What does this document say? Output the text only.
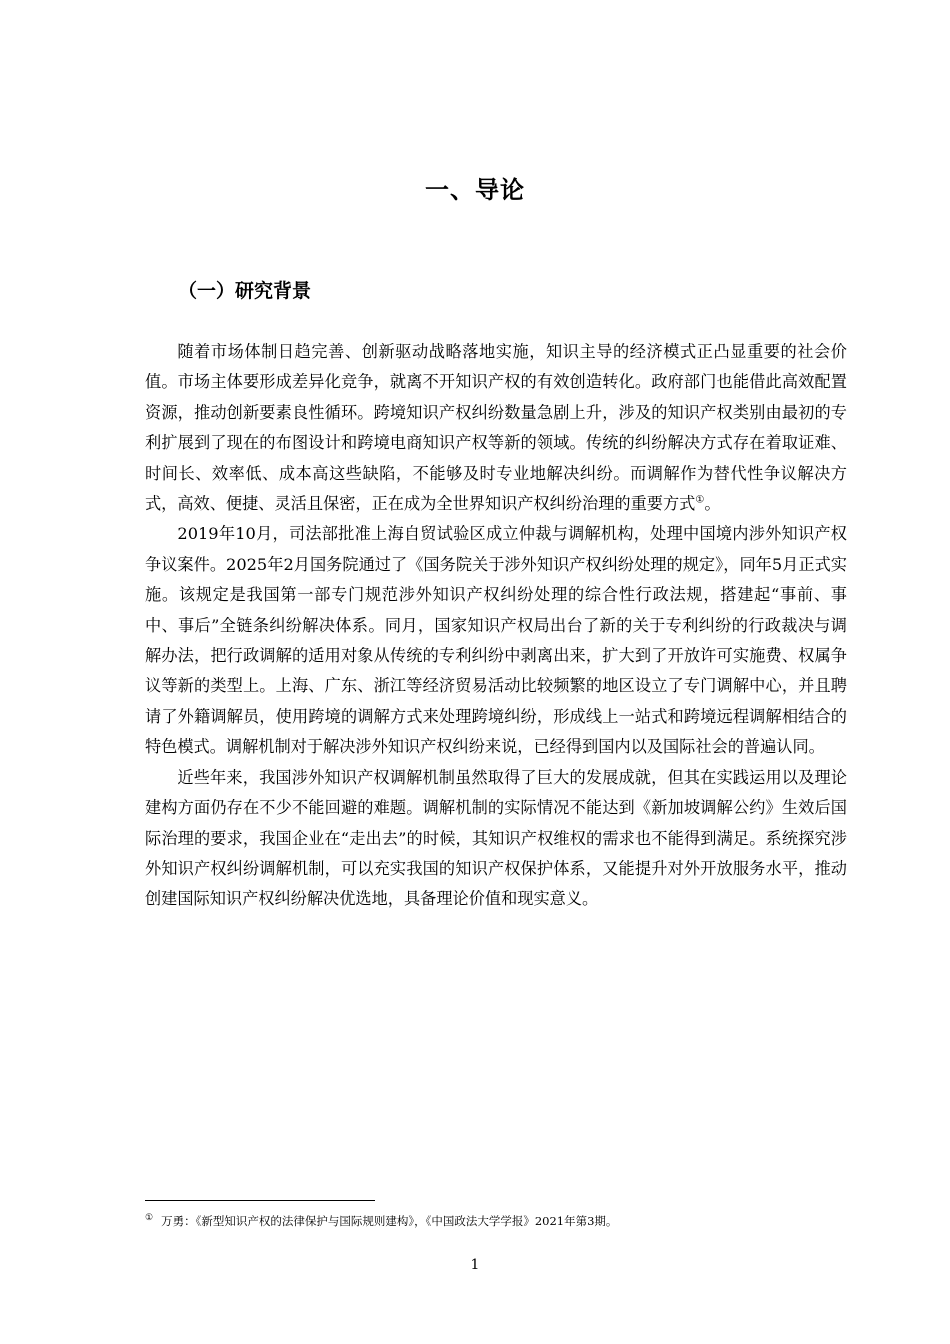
一、导论
（一）研究背景

随着市场体制日趋完善、创新驱动战略落地实施，知识主导的经济模式正凸显重要的社会价值。市场主体要形成差异化竞争，就离不开知识产权的有效创造转化。政府部门也能借此高效配置资源，推动创新要素良性循环。跨境知识产权纠纷数量急剧上升，涉及的知识产权类别由最初的专利扩展到了现在的布图设计和跨境电商知识产权等新的领域。传统的纠纷解决方式存在着取证难、时间长、效率低、成本高这些缺陷，不能够及时专业地解决纠纷。而调解作为替代性争议解决方式，高效、便捷、灵活且保密，正在成为全世界知识产权纠纷治理的重要方式①。

2019年10月，司法部批准上海自贸试验区成立仲裁与调解机构，处理中国境内涉外知识产权争议案件。2025年2月国务院通过了《国务院关于涉外知识产权纠纷处理的规定》，同年5月正式实施。该规定是我国第一部专门规范涉外知识产权纠纷处理的综合性行政法规，搭建起“事前、事中、事后”全链条纠纷解决体系。同月，国家知识产权局出台了新的关于专利纠纷的行政裁决与调解办法，把行政调解的适用对象从传统的专利纠纷中剥离出来，扩大到了开放许可实施费、权属争议等新的类型上。上海、广东、浙江等经济贸易活动比较频繁的地区设立了专门调解中心，并且聘请了外籍调解员，使用跨境的调解方式来处理跨境纠纷，形成线上一站式和跨境远程调解相结合的特色模式。调解机制对于解决涉外知识产权纠纷来说，已经得到国内以及国际社会的普遍认同。

近些年来，我国涉外知识产权调解机制虽然取得了巨大的发展成就，但其在实践运用以及理论建构方面仍存在不少不能回避的难题。调解机制的实际情况不能达到《新加坡调解公约》生效后国际治理的要求，我国企业在“走出去”的时候，其知识产权维权的需求也不能得到满足。系统探究涉外知识产权纠纷调解机制，可以充实我国的知识产权保护体系，又能提升对外开放服务水平，推动创建国际知识产权纠纷解决优选地，具备理论价值和现实意义。

① 万勇：《新型知识产权的法律保护与国际规则建构》，《中国政法大学学报》2021年第3期。
1
